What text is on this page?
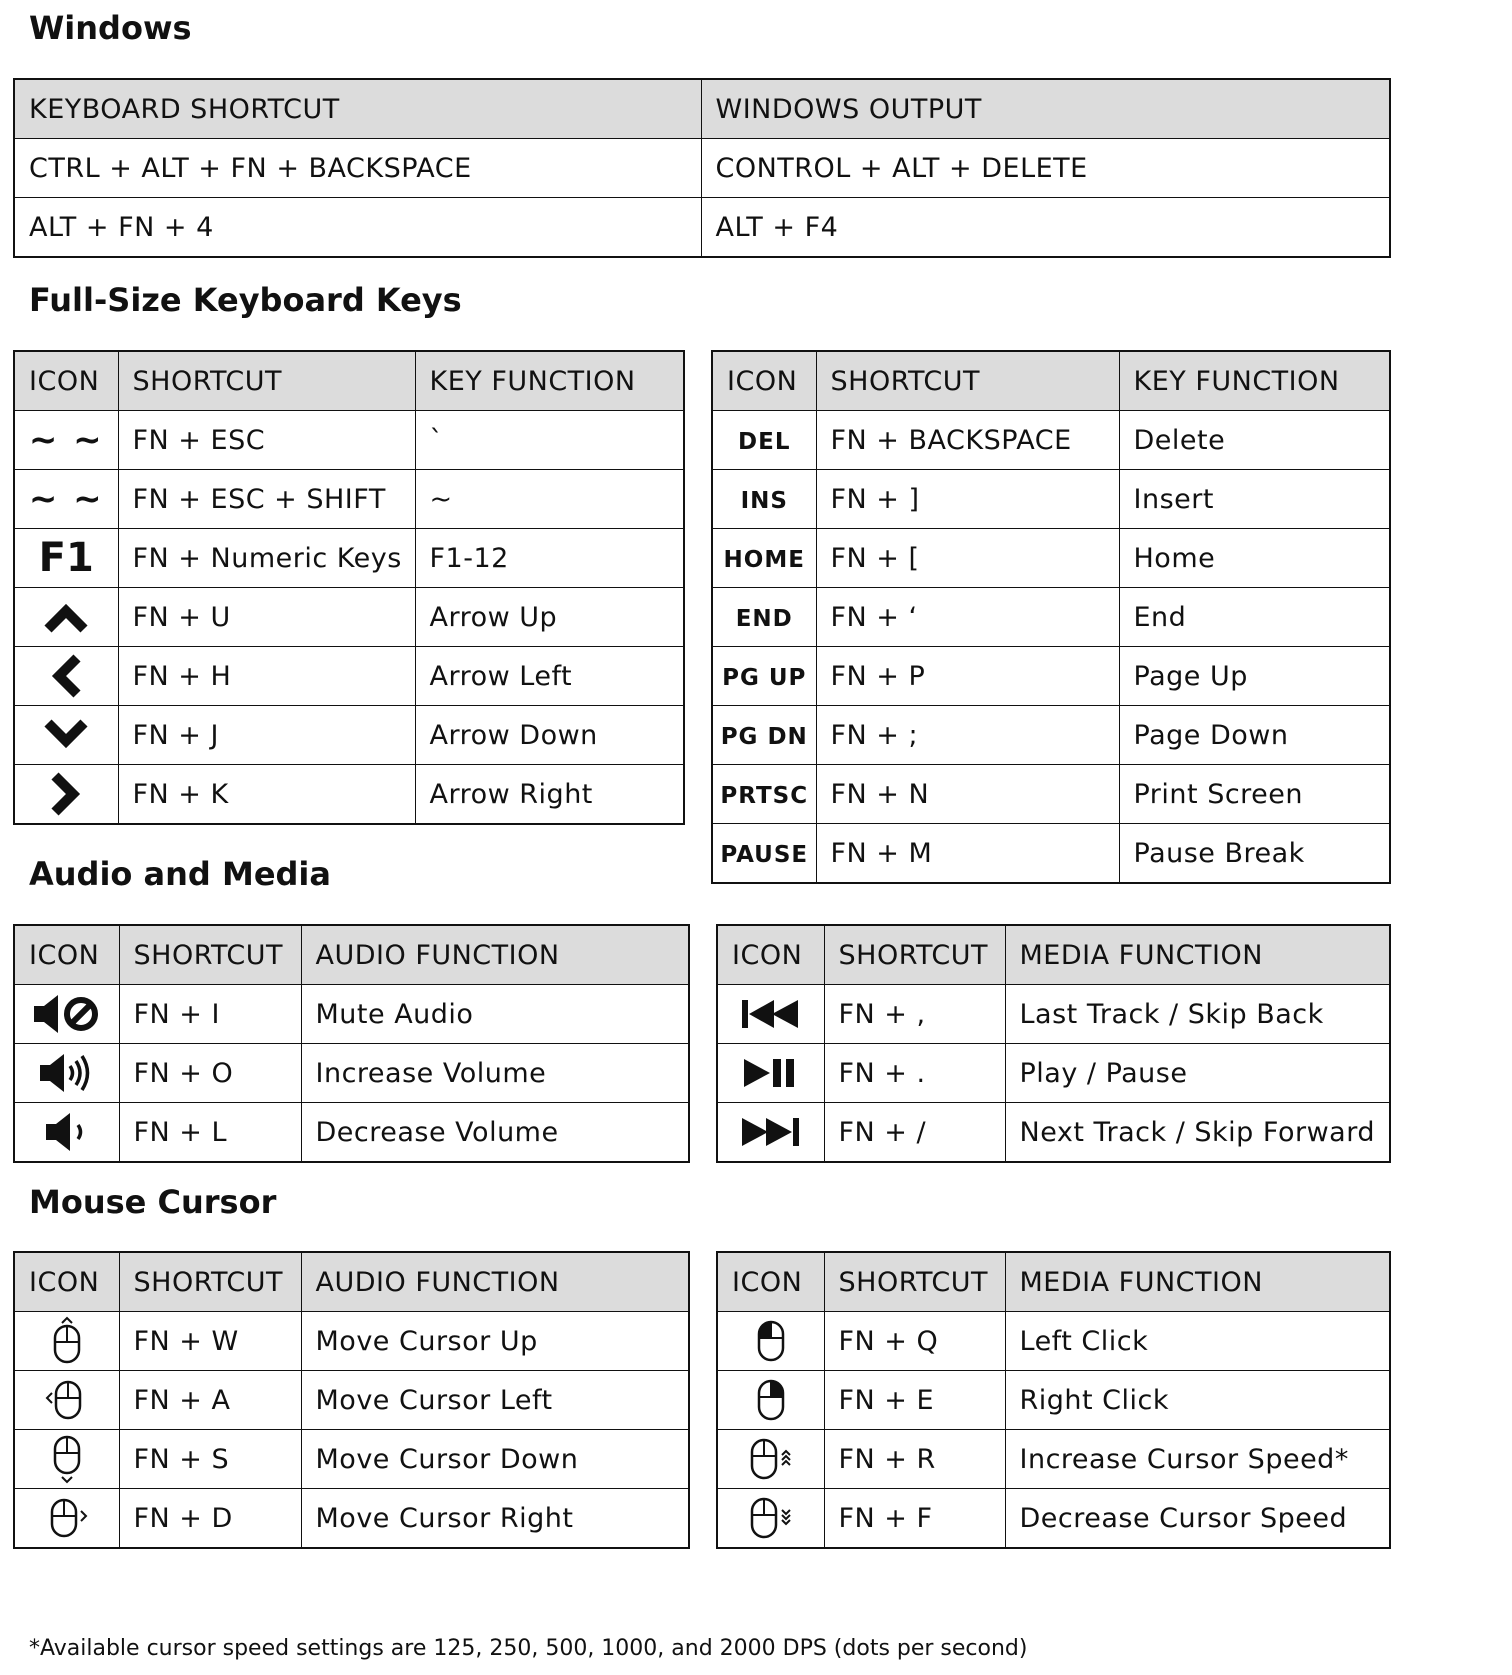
Windows
KEYBOARD SHORTCUT	WINDOWS OUTPUT
CTRL + ALT + FN + BACKSPACE	CONTROL + ALT + DELETE
ALT + FN + 4	ALT + F4
Full-Size Keyboard Keys
ICON	SHORTCUT	KEY FUNCTION
~ ~	FN + ESC	`
~ ~	FN + ESC + SHIFT	~
F1	FN + Numeric Keys	F1-12

	FN + U	Arrow Up

	FN + H	Arrow Left

	FN + J	Arrow Down

	FN + K	Arrow Right
ICON	SHORTCUT	KEY FUNCTION
DEL	FN + BACKSPACE	Delete
INS	FN + ]	Insert
HOME	FN + [	Home
END	FN + ‘	End
PG UP	FN + P	Page Up
PG DN	FN + ;	Page Down
PRTSC	FN + N	Print Screen
PAUSE	FN + M	Pause Break
Audio and Media
ICON	SHORTCUT	AUDIO FUNCTION

	FN + I	Mute Audio

	FN + O	Increase Volume

	FN + L	Decrease Volume
ICON	SHORTCUT	MEDIA FUNCTION

	FN + ,	Last Track / Skip Back

	FN + .	Play / Pause

	FN + /	Next Track / Skip Forward
Mouse Cursor
ICON	SHORTCUT	AUDIO FUNCTION

	FN + W	Move Cursor Up

	FN + A	Move Cursor Left

	FN + S	Move Cursor Down

	FN + D	Move Cursor Right
ICON	SHORTCUT	MEDIA FUNCTION

	FN + Q	Left Click

	FN + E	Right Click

	FN + R	Increase Cursor Speed*

	FN + F	Decrease Cursor Speed
*Available cursor speed settings are 125, 250, 500, 1000, and 2000 DPS (dots per second)
